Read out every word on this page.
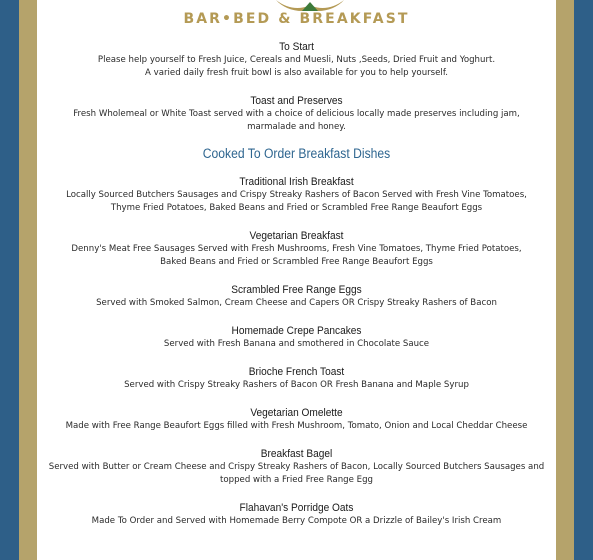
BAR•BED & BREAKFAST

To Start

Please help yourself to Fresh Juice, Cereals and Muesli, Nuts ,Seeds, Dried Fruit and Yoghurt.

A varied daily fresh fruit bowl is also available for you to help yourself.

Toast and Preserves

Fresh Wholemeal or White Toast served with a choice of delicious locally made preserves including jam,

marmalade and honey.

Cooked To Order Breakfast Dishes

Traditional Irish Breakfast

Locally Sourced Butchers Sausages and Crispy Streaky Rashers of Bacon Served with Fresh Vine Tomatoes,

Thyme Fried Potatoes, Baked Beans and Fried or Scrambled Free Range Beaufort Eggs

Vegetarian Breakfast

Denny's Meat Free Sausages Served with Fresh Mushrooms, Fresh Vine Tomatoes, Thyme Fried Potatoes,

Baked Beans and Fried or Scrambled Free Range Beaufort Eggs

Scrambled Free Range Eggs

Served with Smoked Salmon, Cream Cheese and Capers OR Crispy Streaky Rashers of Bacon

Homemade Crepe Pancakes

Served with Fresh Banana and smothered in Chocolate Sauce

Brioche French Toast

Served with Crispy Streaky Rashers of Bacon OR Fresh Banana and Maple Syrup

Vegetarian Omelette

Made with Free Range Beaufort Eggs filled with Fresh Mushroom, Tomato, Onion and Local Cheddar Cheese

Breakfast Bagel

Served with Butter or Cream Cheese and Crispy Streaky Rashers of Bacon, Locally Sourced Butchers Sausages and

topped with a Fried Free Range Egg

Flahavan's Porridge Oats

Made To Order and Served with Homemade Berry Compote OR a Drizzle of Bailey's Irish Cream
